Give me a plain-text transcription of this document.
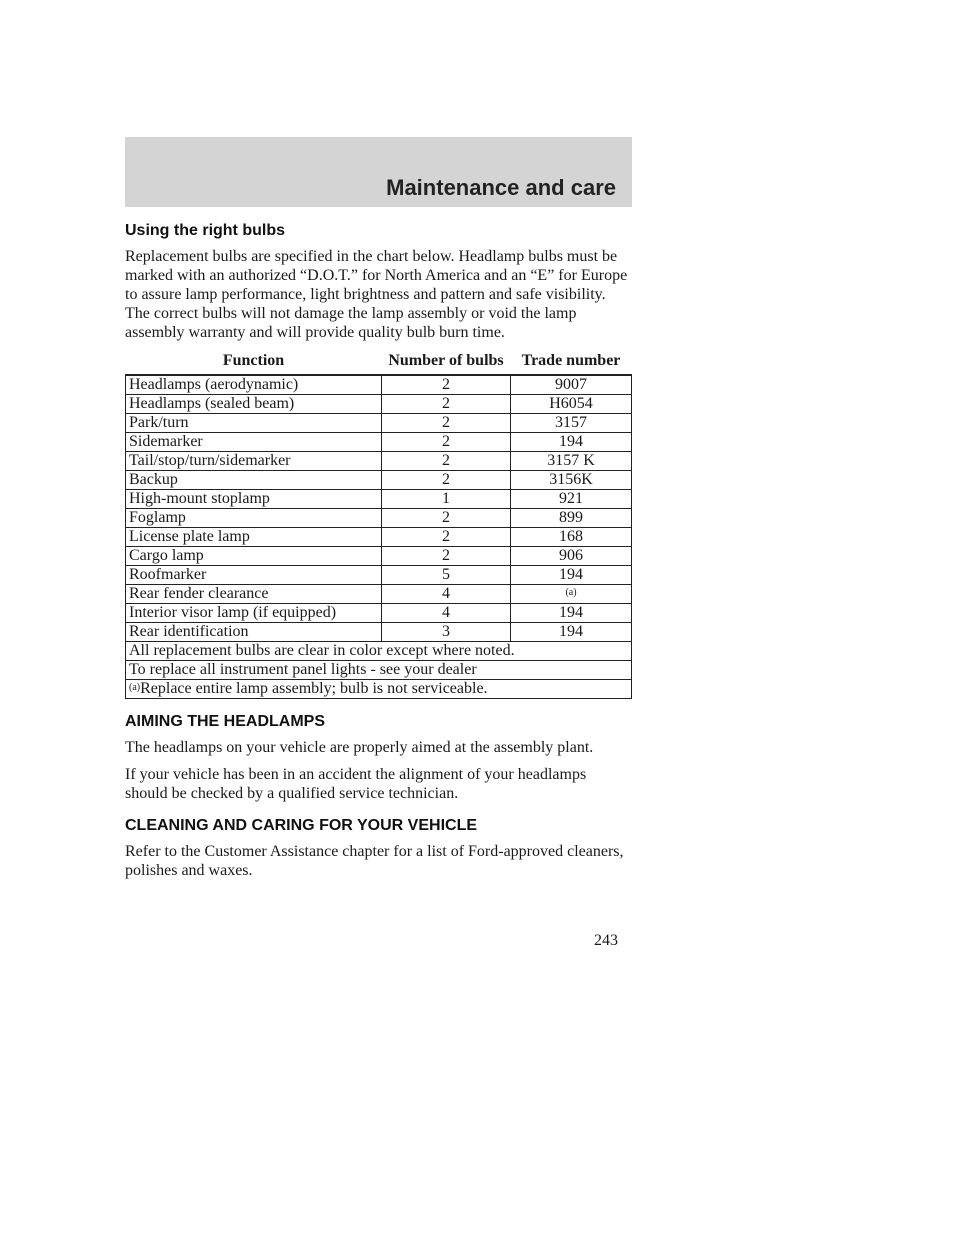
Maintenance and care
Using the right bulbs

Replacement bulbs are specified in the chart below. Headlamp bulbs must be marked with an authorized “D.O.T.” for North America and an “E” for Europe to assure lamp performance, light brightness and pattern and safe visibility. The correct bulbs will not damage the lamp assembly or void the lamp assembly warranty and will provide quality bulb burn time.

Function	Number of bulbs	Trade number
Headlamps (aerodynamic)	2	9007
Headlamps (sealed beam)	2	H6054
Park/turn	2	3157
Sidemarker	2	194
Tail/stop/turn/sidemarker	2	3157 K
Backup	2	3156K
High-mount stoplamp	1	921
Foglamp	2	899
License plate lamp	2	168
Cargo lamp	2	906
Roofmarker	5	194
Rear fender clearance	4	$^{(a)}$
Interior visor lamp (if equipped)	4	194
Rear identification	3	194
All replacement bulbs are clear in color except where noted.		
To replace all instrument panel lights - see your dealer		
$^{(a)}$Replace entire lamp assembly; bulb is not serviceable.		
AIMING THE HEADLAMPS

The headlamps on your vehicle are properly aimed at the assembly plant.

If your vehicle has been in an accident the alignment of your headlamps should be checked by a qualified service technician.

CLEANING AND CARING FOR YOUR VEHICLE

Refer to the Customer Assistance chapter for a list of Ford-approved cleaners, polishes and waxes.

243
